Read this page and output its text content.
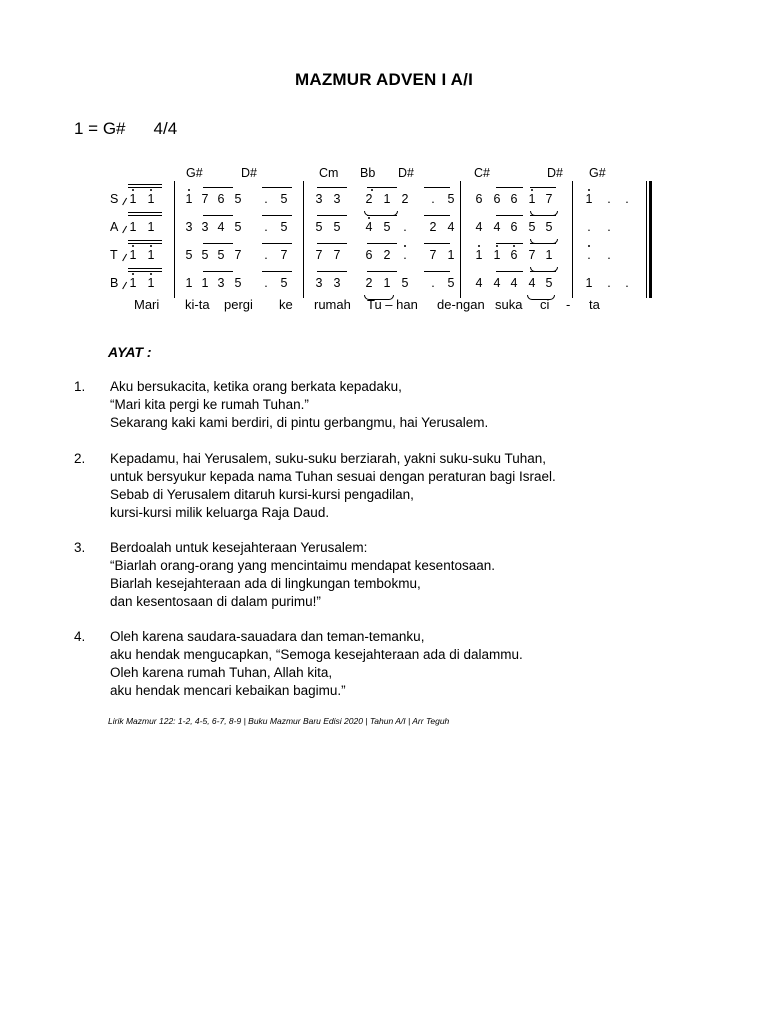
MAZMUR ADVEN I A/I
1 = G# 4/4
G#	D#	Cm Bb D#	C#	D# G#
S 1 1 1 7 6 5	.	5 3 3 2 1 2	.	5 6 6 6 1 7	1	.	.
A 1 1 3 3 4 5	.	5 5 5 4 5	.	2 4 4 4 6 5 5	.	.
T 1 1 5 5 5 7	.	7 7 7 6 2	.	7 1 1 1 6 7 1	.	.
B 1 1 1 1 3 5	.	5 3 3 2 1 5	.	5 4 4 4 4 5	1	.	.
Mari ki-ta pergi ke rumah Tu – han de-ngan suka ci - ta
AYAT :
1. Aku bersukacita, ketika orang berkata kepadaku,
“Mari kita pergi ke rumah Tuhan.”
Sekarang kaki kami berdiri, di pintu gerbangmu, hai Yerusalem.
2. Kepadamu, hai Yerusalem, suku-suku berziarah, yakni suku-suku Tuhan,
untuk bersyukur kepada nama Tuhan sesuai dengan peraturan bagi Israel.
Sebab di Yerusalem ditaruh kursi-kursi pengadilan,
kursi-kursi milik keluarga Raja Daud.
3. Berdoalah untuk kesejahteraan Yerusalem:
“Biarlah orang-orang yang mencintaimu mendapat kesentosaan.
Biarlah kesejahteraan ada di lingkungan tembokmu,
dan kesentosaan di dalam purimu!”
4. Oleh karena saudara-sauadara dan teman-temanku,
aku hendak mengucapkan, “Semoga kesejahteraan ada di dalammu.
Oleh karena rumah Tuhan, Allah kita,
aku hendak mencari kebaikan bagimu.”
Lirik Mazmur 122: 1-2, 4-5, 6-7, 8-9 | Buku Mazmur Baru Edisi 2020 | Tahun A/I | Arr Teguh
